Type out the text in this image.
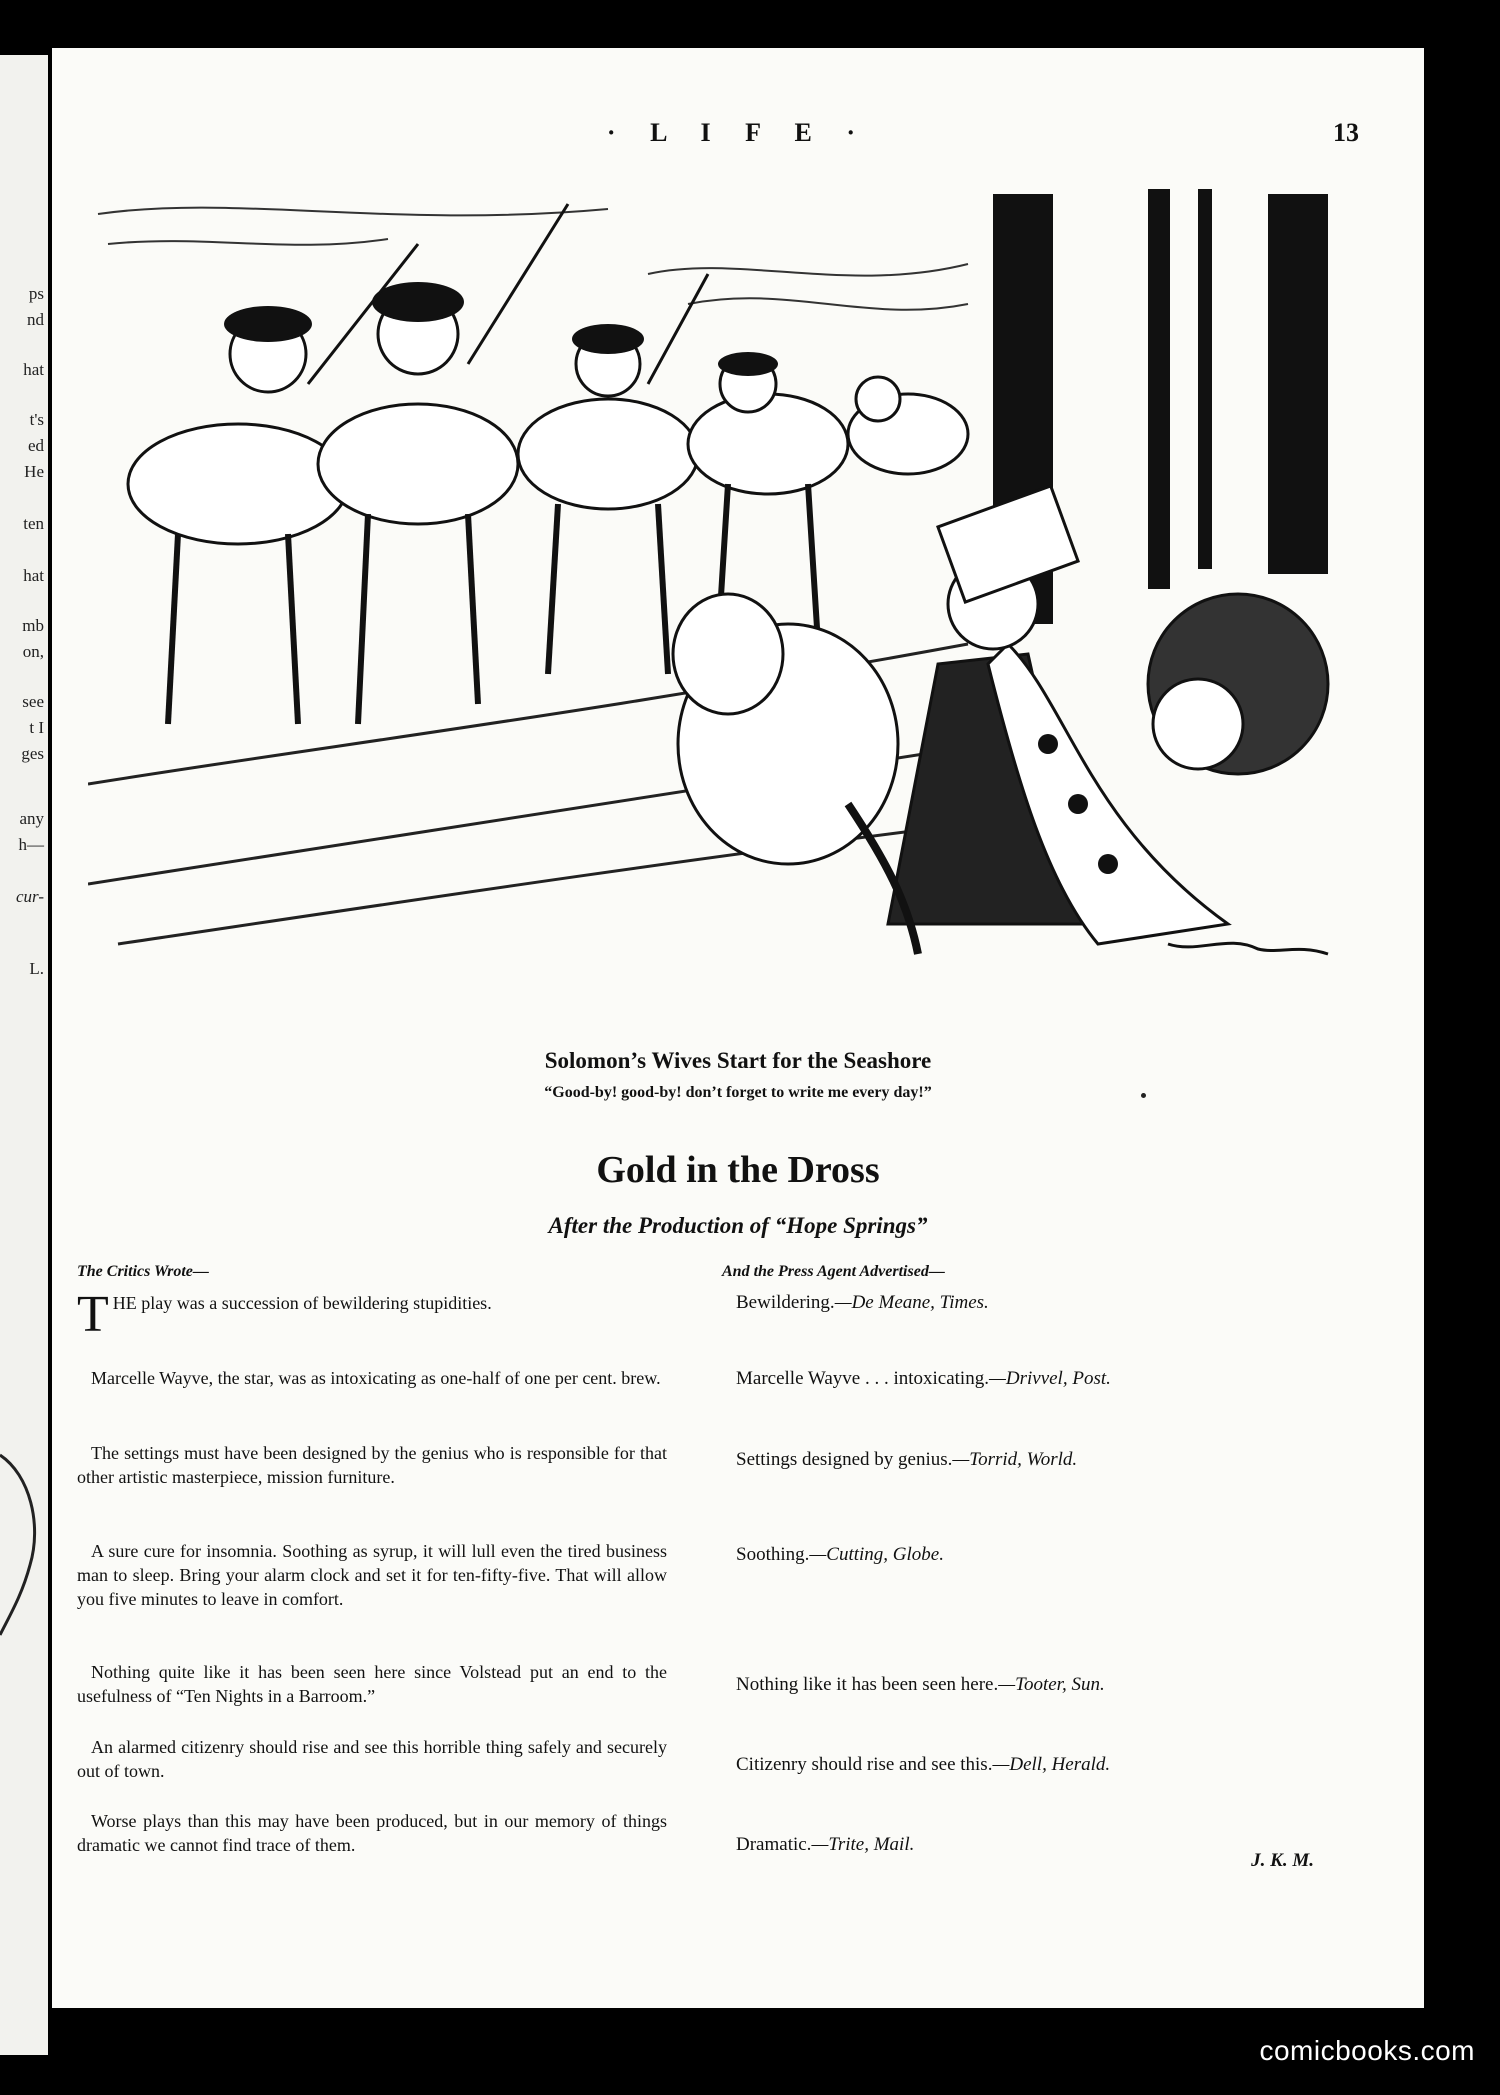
ps
nd
hat
t's
ed
He
ten
hat
mb
on,
see
t I
ges
any
h—
cur-
L.
· L I F E ·	13
Solomon’s Wives Start for the Seashore
“Good-by! good-by! don’t forget to write me every day!”
Gold in the Dross
After the Production of “Hope Springs”
The Critics Wrote—
THE play was a succession of bewildering stupidities.
Marcelle Wayve, the star, was as intoxicating as one-half of one per cent. brew.
The settings must have been designed by the genius who is responsible for that other artistic masterpiece, mission furniture.
A sure cure for insomnia. Soothing as syrup, it will lull even the tired business man to sleep. Bring your alarm clock and set it for ten-fifty-five. That will allow you five minutes to leave in comfort.
Nothing quite like it has been seen here since Volstead put an end to the usefulness of “Ten Nights in a Barroom.”
An alarmed citizenry should rise and see this horrible thing safely and securely out of town.
Worse plays than this may have been produced, but in our memory of things dramatic we cannot find trace of them.
And the Press Agent Advertised—
Bewildering.—De Meane, Times.
Marcelle Wayve . . . intoxicating.—Drivvel, Post.
Settings designed by genius.—Torrid, World.
Soothing.—Cutting, Globe.
Nothing like it has been seen here.—Tooter, Sun.
Citizenry should rise and see this.—Dell, Herald.
Dramatic.—Trite, Mail.
J. K. M.
comicbooks.com
